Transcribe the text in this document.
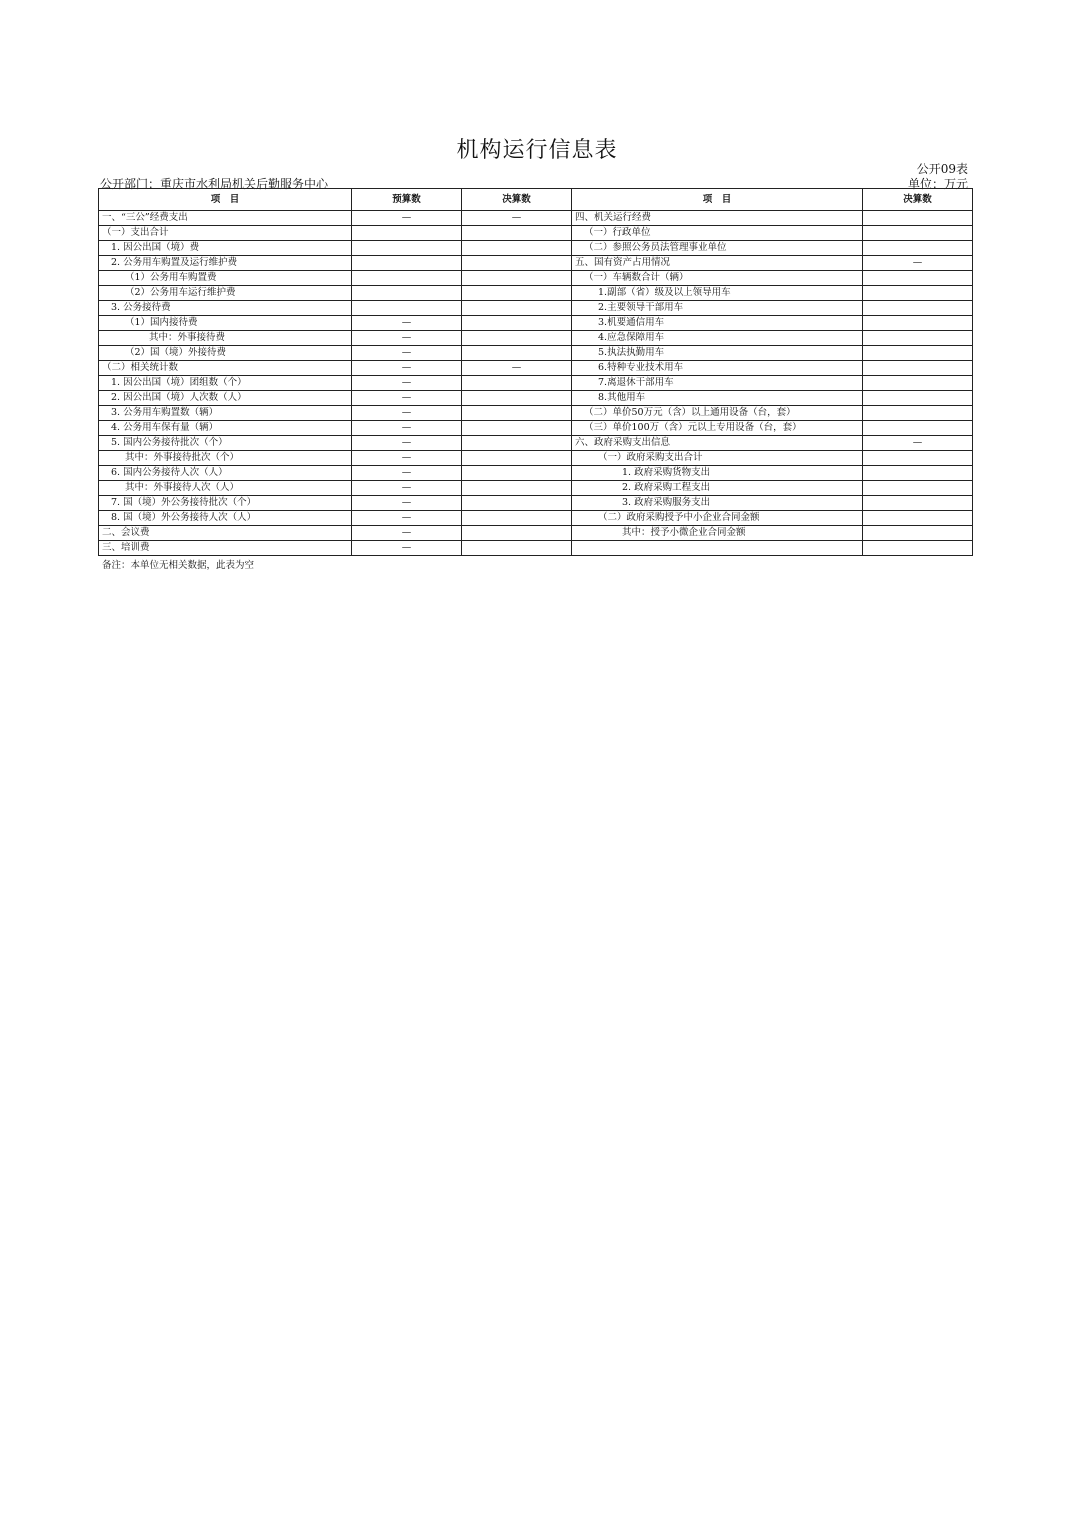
机构运行信息表
公开09表
公开部门：重庆市水利局机关后勤服务中心	单位：万元
项　目	预算数	决算数	项　目	决算数
一、“三公”经费支出	—	—	四、机关运行经费	
（一）支出合计			（一）行政单位	
1. 因公出国（境）费			（二）参照公务员法管理事业单位	
2. 公务用车购置及运行维护费			五、国有资产占用情况	—
（1）公务用车购置费			（一）车辆数合计（辆）	
（2）公务用车运行维护费			1.副部（省）级及以上领导用车	
3. 公务接待费			2.主要领导干部用车	
（1）国内接待费	—		3.机要通信用车	
其中：外事接待费	—		4.应急保障用车	
（2）国（境）外接待费	—		5.执法执勤用车	
（二）相关统计数	—	—	6.特种专业技术用车	
1. 因公出国（境）团组数（个）	—		7.离退休干部用车	
2. 因公出国（境）人次数（人）	—		8.其他用车	
3. 公务用车购置数（辆）	—		（二）单价50万元（含）以上通用设备（台，套）	
4. 公务用车保有量（辆）	—		（三）单价100万（含）元以上专用设备（台，套）	
5. 国内公务接待批次（个）	—		六、政府采购支出信息	—
其中：外事接待批次（个）	—		（一）政府采购支出合计	
6. 国内公务接待人次（人）	—		1. 政府采购货物支出	
其中：外事接待人次（人）	—		2. 政府采购工程支出	
7. 国（境）外公务接待批次（个）	—		3. 政府采购服务支出	
8. 国（境）外公务接待人次（人）	—		（二）政府采购授予中小企业合同金额	
二、会议费	—		其中：授予小微企业合同金额	
三、培训费	—			
备注：本单位无相关数据，此表为空
